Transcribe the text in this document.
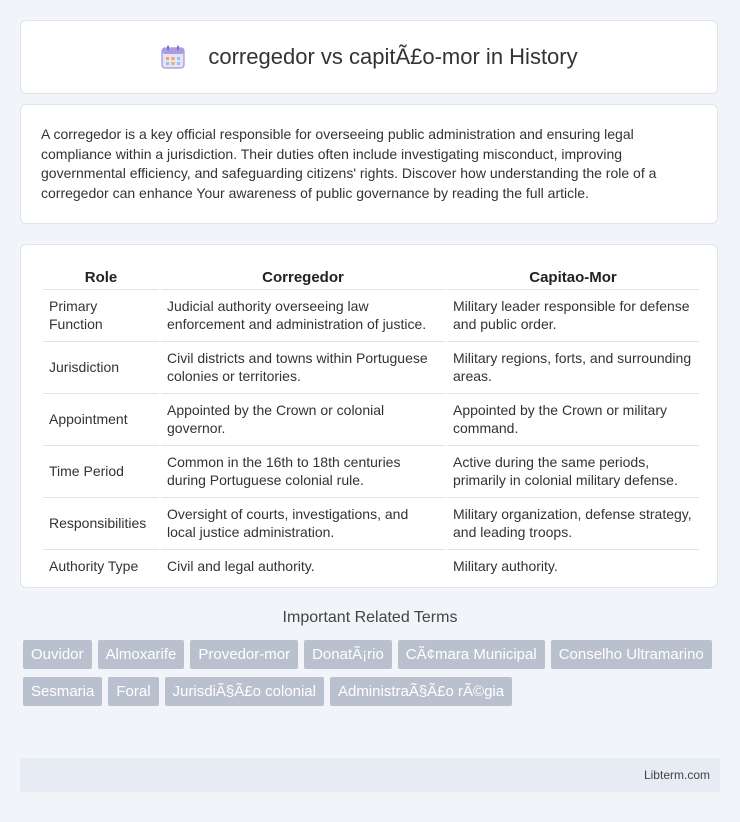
corregedor vs capitÃ£o-mor in History

A corregedor is a key official responsible for overseeing public administration and ensuring legal compliance within a jurisdiction. Their duties often include investigating misconduct, improving governmental efficiency, and safeguarding citizens' rights. Discover how understanding the role of a corregedor can enhance Your awareness of public governance by reading the full article.

Role	Corregedor	Capitao-Mor
Primary Function	Judicial authority overseeing law enforcement and administration of justice.	Military leader responsible for defense and public order.
Jurisdiction	Civil districts and towns within Portuguese colonies or territories.	Military regions, forts, and surrounding areas.
Appointment	Appointed by the Crown or colonial governor.	Appointed by the Crown or military command.
Time Period	Common in the 16th to 18th centuries during Portuguese colonial rule.	Active during the same periods, primarily in colonial military defense.
Responsibilities	Oversight of courts, investigations, and local justice administration.	Military organization, defense strategy, and leading troops.
Authority Type	Civil and legal authority.	Military authority.
Important Related Terms
Ouvidor	Almoxarife	Provedor-mor	DonatÃ¡rio	CÃ¢mara Municipal	Conselho Ultramarino
Sesmaria	Foral	JurisdiÃ§Ã£o colonial	AdministraÃ§Ã£o rÃ©gia
Libterm.com
